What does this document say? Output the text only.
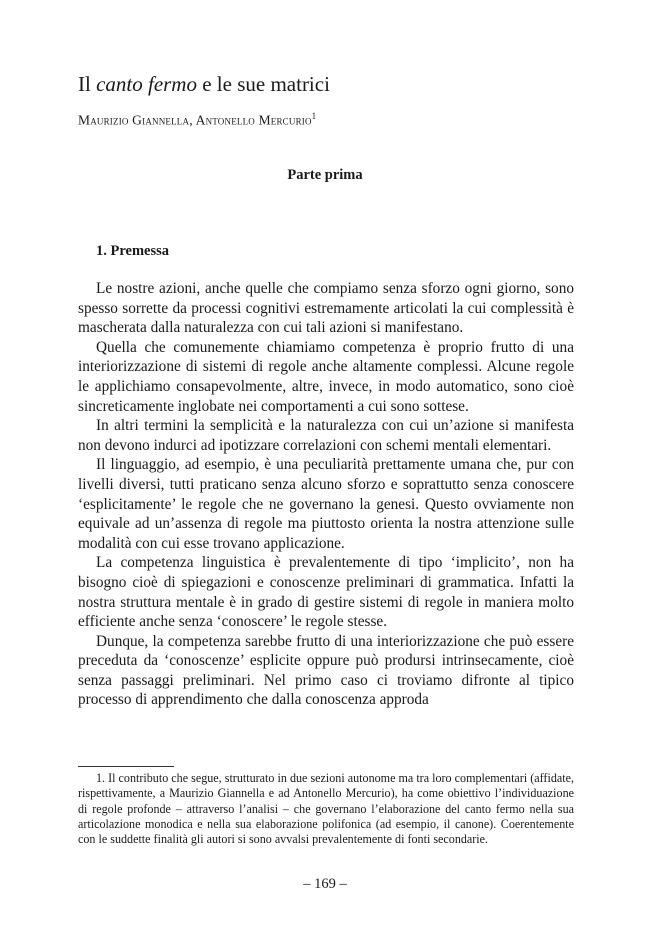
Il canto fermo e le sue matrici
Maurizio Giannella, Antonello Mercurio$^1$
Parte prima
1. Premessa

Le nostre azioni, anche quelle che compiamo senza sforzo ogni giorno, sono spesso sorrette da processi cognitivi estremamente articolati la cui complessità è mascherata dalla naturalezza con cui tali azioni si manifestano.

Quella che comunemente chiamiamo competenza è proprio frutto di una interiorizzazione di sistemi di regole anche altamente complessi. Alcune regole le applichiamo consapevolmente, altre, invece, in modo automatico, sono cioè sincreticamente inglobate nei comportamenti a cui sono sottese.

In altri termini la semplicità e la naturalezza con cui un’azione si manifesta non devono indurci ad ipotizzare correlazioni con schemi mentali elementari.

Il linguaggio, ad esempio, è una peculiarità prettamente umana che, pur con livelli diversi, tutti praticano senza alcuno sforzo e soprattutto senza conoscere ‘esplicitamente’ le regole che ne governano la genesi. Questo ovviamente non equivale ad un’assenza di regole ma piuttosto orienta la nostra attenzione sulle modalità con cui esse trovano applicazione.

La competenza linguistica è prevalentemente di tipo ‘implicito’, non ha bisogno cioè di spiegazioni e conoscenze preliminari di grammatica. Infatti la nostra struttura mentale è in grado di gestire sistemi di regole in maniera molto efficiente anche senza ‘conoscere’ le regole stesse.

Dunque, la competenza sarebbe frutto di una interiorizzazione che può essere preceduta da ‘conoscenze’ esplicite oppure può prodursi intrinsecamente, cioè senza passaggi preliminari. Nel primo caso ci troviamo difronte al tipico processo di apprendimento che dalla conoscenza approda

1. Il contributo che segue, strutturato in due sezioni autonome ma tra loro complementari (affidate, rispettivamente, a Maurizio Giannella e ad Antonello Mercurio), ha come obiettivo l’individuazione di regole profonde – attraverso l’analisi – che governano l’elaborazione del canto fermo nella sua articolazione monodica e nella sua elaborazione polifonica (ad esempio, il canone). Coerentemente con le suddette finalità gli autori si sono avvalsi prevalentemente di fonti secondarie.

– 169 –
